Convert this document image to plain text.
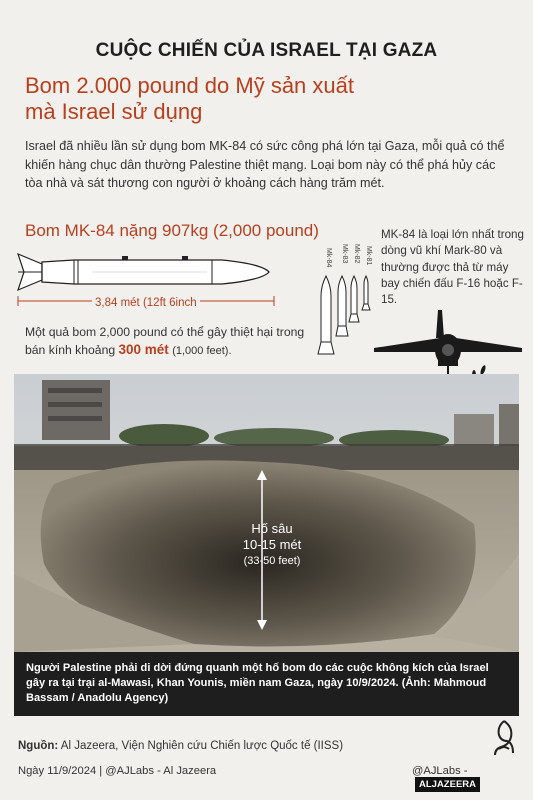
CUỘC CHIẾN CỦA ISRAEL TẠI GAZA
Bom 2.000 pound do Mỹ sản xuất
mà Israel sử dụng
Israel đã nhiều lần sử dụng bom MK-84 có sức công phá lớn tại Gaza, mỗi quả có thể khiến hàng chục dân thường Palestine thiệt mạng. Loại bom này có thể phá hủy các tòa nhà và sát thương con người ở khoảng cách hàng trăm mét.
Bom MK-84 nặng 907kg (2,000 pound)
3,84 mét (12ft 6inch
Một quả bom 2,000 pound có thể gây thiệt hại trong bán kính khoảng 300 mét (1,000 feet).
Mk-84 Mk-83 Mk-82 Mk-81
MK-84 là loại lớn nhất trong dòng vũ khí Mark-80 và thường được thả từ máy bay chiến đấu F-16 hoặc F-15.
Hố sâu
10-15 mét
(33-50 feet)
Người Palestine phải di dời đứng quanh một hố bom do các cuộc không kích của Israel gây ra tại trại al-Mawasi, Khan Younis, miền nam Gaza, ngày 10/9/2024. (Ảnh: Mahmoud Bassam / Anadolu Agency)
Nguồn: Al Jazeera, Viện Nghiên cứu Chiến lược Quốc tế (IISS)
Ngày 11/9/2024 | @AJLabs - Al Jazeera	@AJLabs -ALJAZEERA
